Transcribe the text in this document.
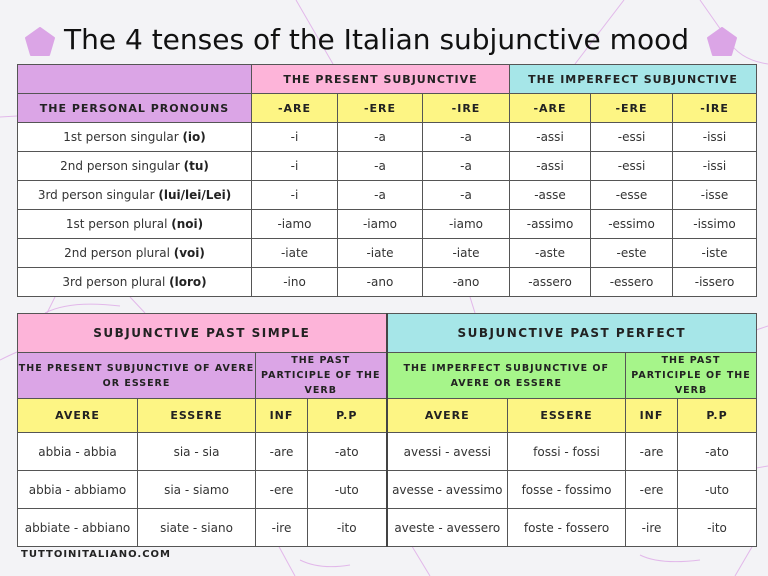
The 4 tenses of the Italian subjunctive mood
	THE PRESENT SUBJUNCTIVE			THE IMPERFECT SUBJUNCTIVE		
THE PERSONAL PRONOUNS	-ARE	-ERE	-IRE	-ARE	-ERE	-IRE
1st person singular (io)	-i	-a	-a	-assi	-essi	-issi
2nd person singular (tu)	-i	-a	-a	-assi	-essi	-issi
3rd person singular (lui/lei/Lei)	-i	-a	-a	-asse	-esse	-isse
1st person plural (noi)	-iamo	-iamo	-iamo	-assimo	-essimo	-issimo
2nd person plural (voi)	-iate	-iate	-iate	-aste	-este	-iste
3rd person plural (loro)	-ino	-ano	-ano	-assero	-essero	-issero
SUBJUNCTIVE PAST SIMPLE				SUBJUNCTIVE PAST PERFECT			
THE PRESENT SUBJUNCTIVE OF AVERE OR ESSERE		THE PAST PARTICIPLE OF THE VERB		THE IMPERFECT SUBJUNCTIVE OF AVERE OR ESSERE		THE PAST PARTICIPLE OF THE VERB	
AVERE	ESSERE	INF	P.P	AVERE	ESSERE	INF	P.P
abbia - abbia	sia - sia	-are	-ato	avessi - avessi	fossi - fossi	-are	-ato
abbia - abbiamo	sia - siamo	-ere	-uto	avesse - avessimo	fosse - fossimo	-ere	-uto
abbiate - abbiano	siate - siano	-ire	-ito	aveste - avessero	foste - fossero	-ire	-ito
TUTTOINITALIANO.COM
